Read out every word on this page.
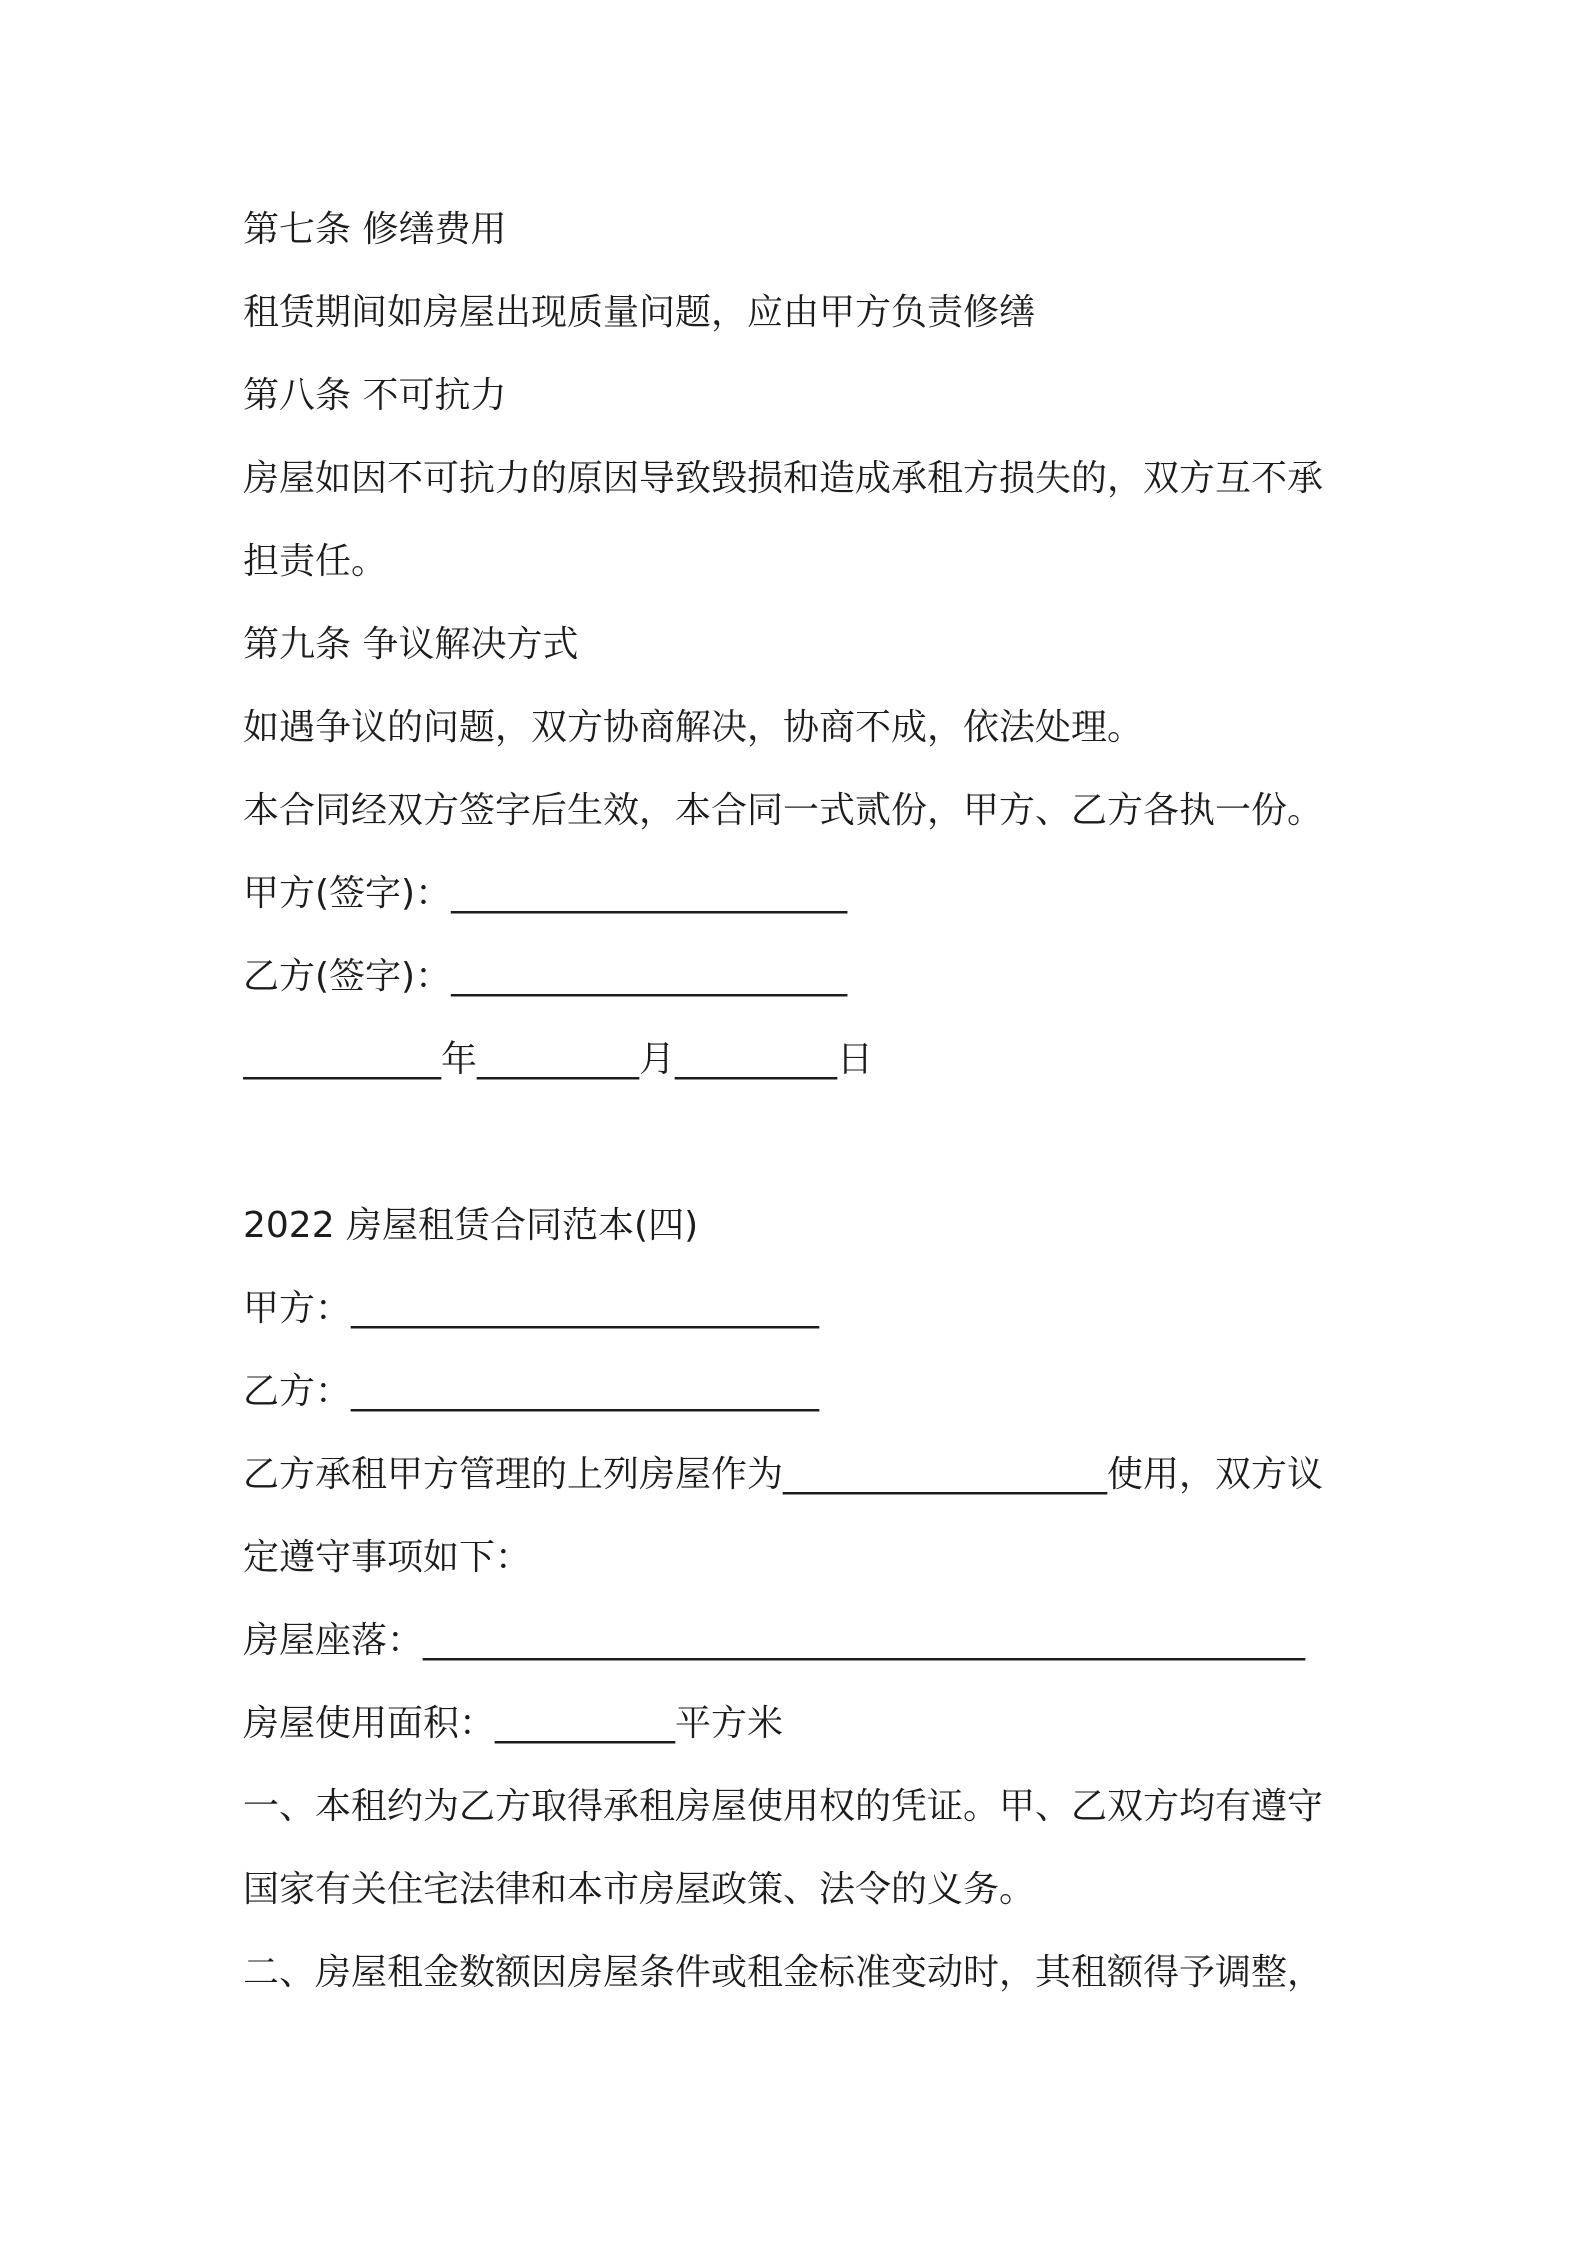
第七条 修缮费用
租赁期间如房屋出现质量问题，应由甲方负责修缮
第八条 不可抗力
房屋如因不可抗力的原因导致毁损和造成承租方损失的，双方互不承
担责任。
第九条 争议解决方式
如遇争议的问题，双方协商解决，协商不成，依法处理。
本合同经双方签字后生效，本合同一式贰份，甲方、乙方各执一份。
甲方(签字)：______________________
乙方(签字)：______________________
___________年_________月_________日
2022 房屋租赁合同范本(四)
甲方：__________________________
乙方：__________________________
乙方承租甲方管理的上列房屋作为__________________使用，双方议
定遵守事项如下：
房屋座落：_________________________________________________
房屋使用面积：__________平方米
一、本租约为乙方取得承租房屋使用权的凭证。甲、乙双方均有遵守
国家有关住宅法律和本市房屋政策、法令的义务。
二、房屋租金数额因房屋条件或租金标准变动时，其租额得予调整，
